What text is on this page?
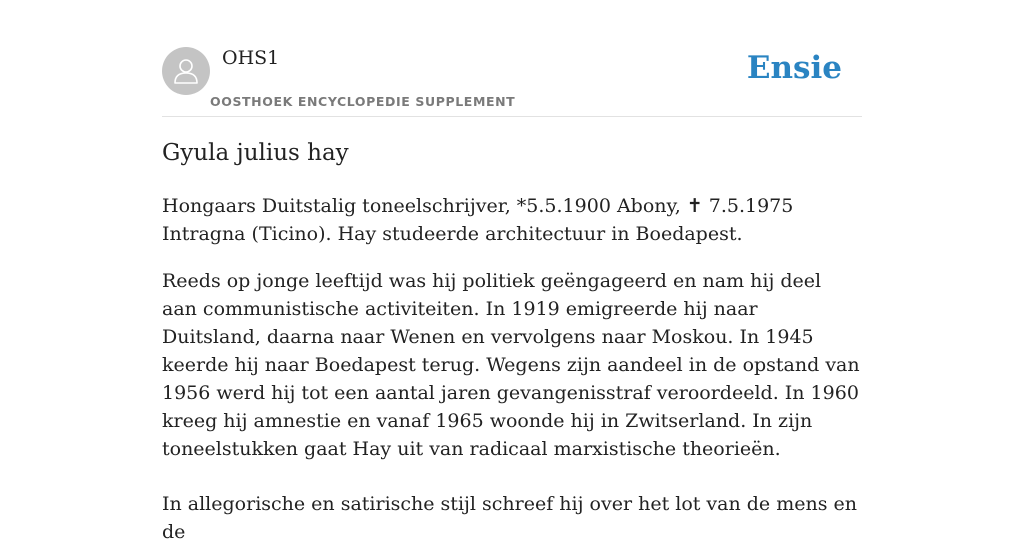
OHS1
OOSTHOEK ENCYCLOPEDIE SUPPLEMENT
Ensie
Gyula julius hay

Hongaars Duitstalig toneelschrijver, *5.5.1900 Abony, ✝ 7.5.1975 Intragna (Ticino). Hay studeerde architectuur in Boedapest.

Reeds op jonge leeftijd was hij politiek geëngageerd en nam hij deel aan communistische activiteiten. In 1919 emigreerde hij naar Duitsland, daarna naar Wenen en vervolgens naar Moskou. In 1945 keerde hij naar Boedapest terug. Wegens zijn aandeel in de opstand van 1956 werd hij tot een aantal jaren gevangenisstraf veroordeeld. In 1960 kreeg hij amnestie en vanaf 1965 woonde hij in Zwitserland. In zijn toneelstukken gaat Hay uit van radicaal marxistische theorieën.

In allegorische en satirische stijl schreef hij over het lot van de mens en de
